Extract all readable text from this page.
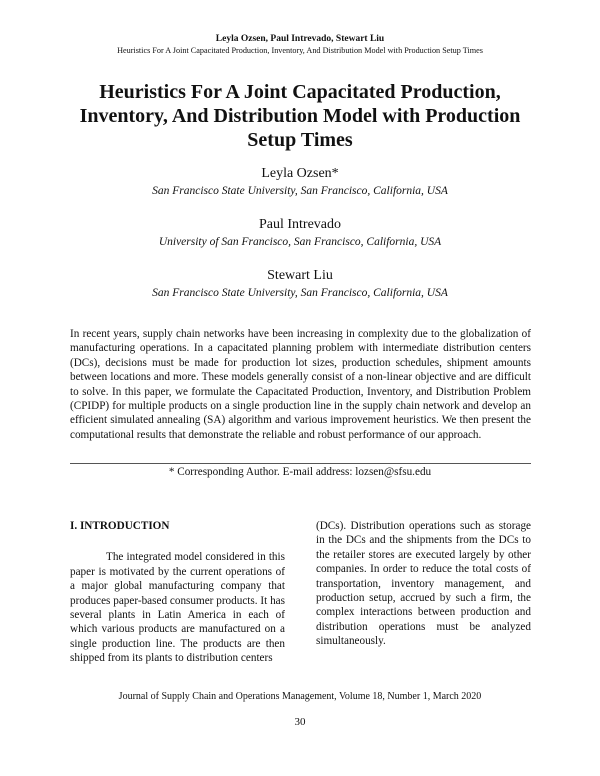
Leyla Ozsen, Paul Intrevado, Stewart Liu
Heuristics For A Joint Capacitated Production, Inventory, And Distribution Model with Production Setup Times
Heuristics For A Joint Capacitated Production, Inventory, And Distribution Model with Production Setup Times
Leyla Ozsen*
San Francisco State University, San Francisco, California, USA
Paul Intrevado
University of San Francisco, San Francisco, California, USA
Stewart Liu
San Francisco State University, San Francisco, California, USA

In recent years, supply chain networks have been increasing in complexity due to the globalization of manufacturing operations. In a capacitated planning problem with intermediate distribution centers (DCs), decisions must be made for production lot sizes, production schedules, shipment amounts between locations and more. These models generally consist of a non-linear objective and are difficult to solve. In this paper, we formulate the Capacitated Production, Inventory, and Distribution Problem (CPIDP) for multiple products on a single production line in the supply chain network and develop an efficient simulated annealing (SA) algorithm and various improvement heuristics. We then present the computational results that demonstrate the reliable and robust performance of our approach.

* Corresponding Author. E-mail address: lozsen@sfsu.edu
I. INTRODUCTION

The integrated model considered in this paper is motivated by the current operations of a major global manufacturing company that produces paper-based consumer products. It has several plants in Latin America in each of which various products are manufactured on a single production line. The products are then shipped from its plants to distribution centers

(DCs). Distribution operations such as storage in the DCs and the shipments from the DCs to the retailer stores are executed largely by other companies. In order to reduce the total costs of transportation, inventory management, and production setup, accrued by such a firm, the complex interactions between production and distribution operations must be analyzed simultaneously.

Journal of Supply Chain and Operations Management, Volume 18, Number 1, March 2020
30
